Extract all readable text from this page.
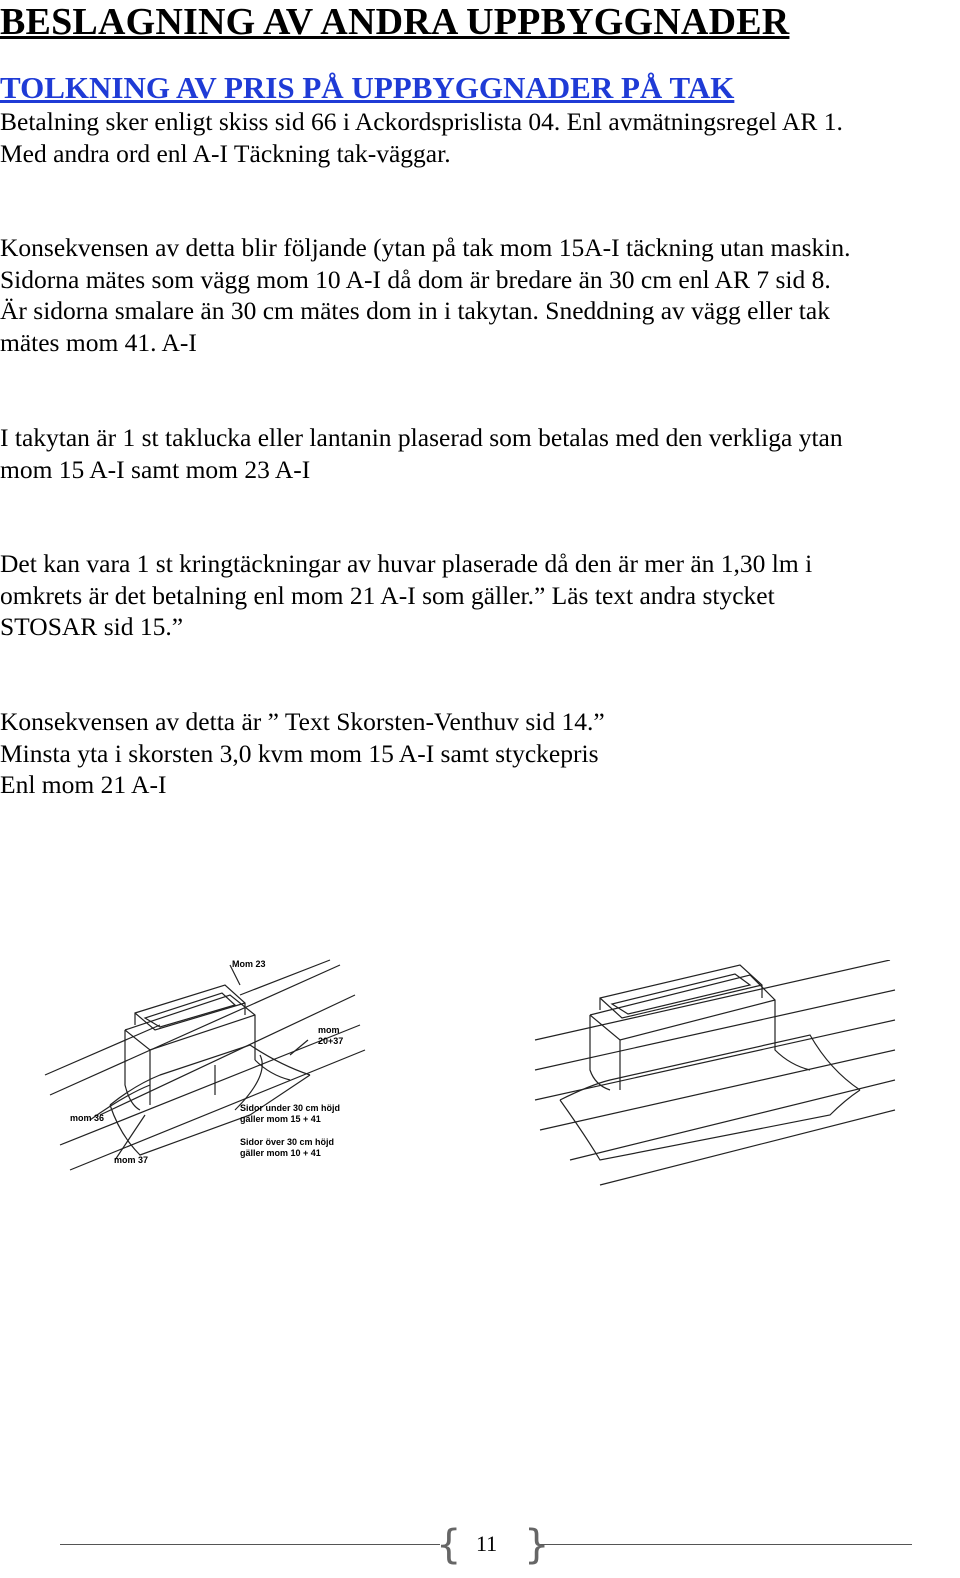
BESLAGNING AV ANDRA UPPBYGGNADER
TOLKNING AV PRIS PÅ UPPBYGGNADER PÅ TAK
Betalning sker enligt skiss sid 66 i Ackordsprislista 04. Enl avmätningsregel AR 1.
Med andra ord enl A-I Täckning tak-väggar.
Konsekvensen av detta blir följande (ytan på tak mom 15A-I täckning utan maskin.
Sidorna mätes som vägg mom 10 A-I då dom är bredare än 30 cm enl AR 7 sid 8.
Är sidorna smalare än 30 cm mätes dom in i takytan. Sneddning av vägg eller tak
mätes mom 41. A-I
I takytan är 1 st taklucka eller lantanin plaserad som betalas med den verkliga ytan
mom 15 A-I samt mom 23 A-I
Det kan vara 1 st kringtäckningar av huvar plaserade då den är mer än 1,30 lm i
omkrets är det betalning enl mom 21 A-I som gäller.” Läs text andra stycket
STOSAR sid 15.”
Konsekvensen av detta är ” Text Skorsten-Venthuv sid 14.”
Minsta yta i skorsten 3,0 kvm mom 15 A-I samt styckepris
Enl mom 21 A-I
Mom 23
mom
20+37
mom 36
mom 37
Sidor under 30 cm höjd
gäller mom 15 + 41
Sidor över 30 cm höjd
gäller mom 10 + 41
{ }
11
